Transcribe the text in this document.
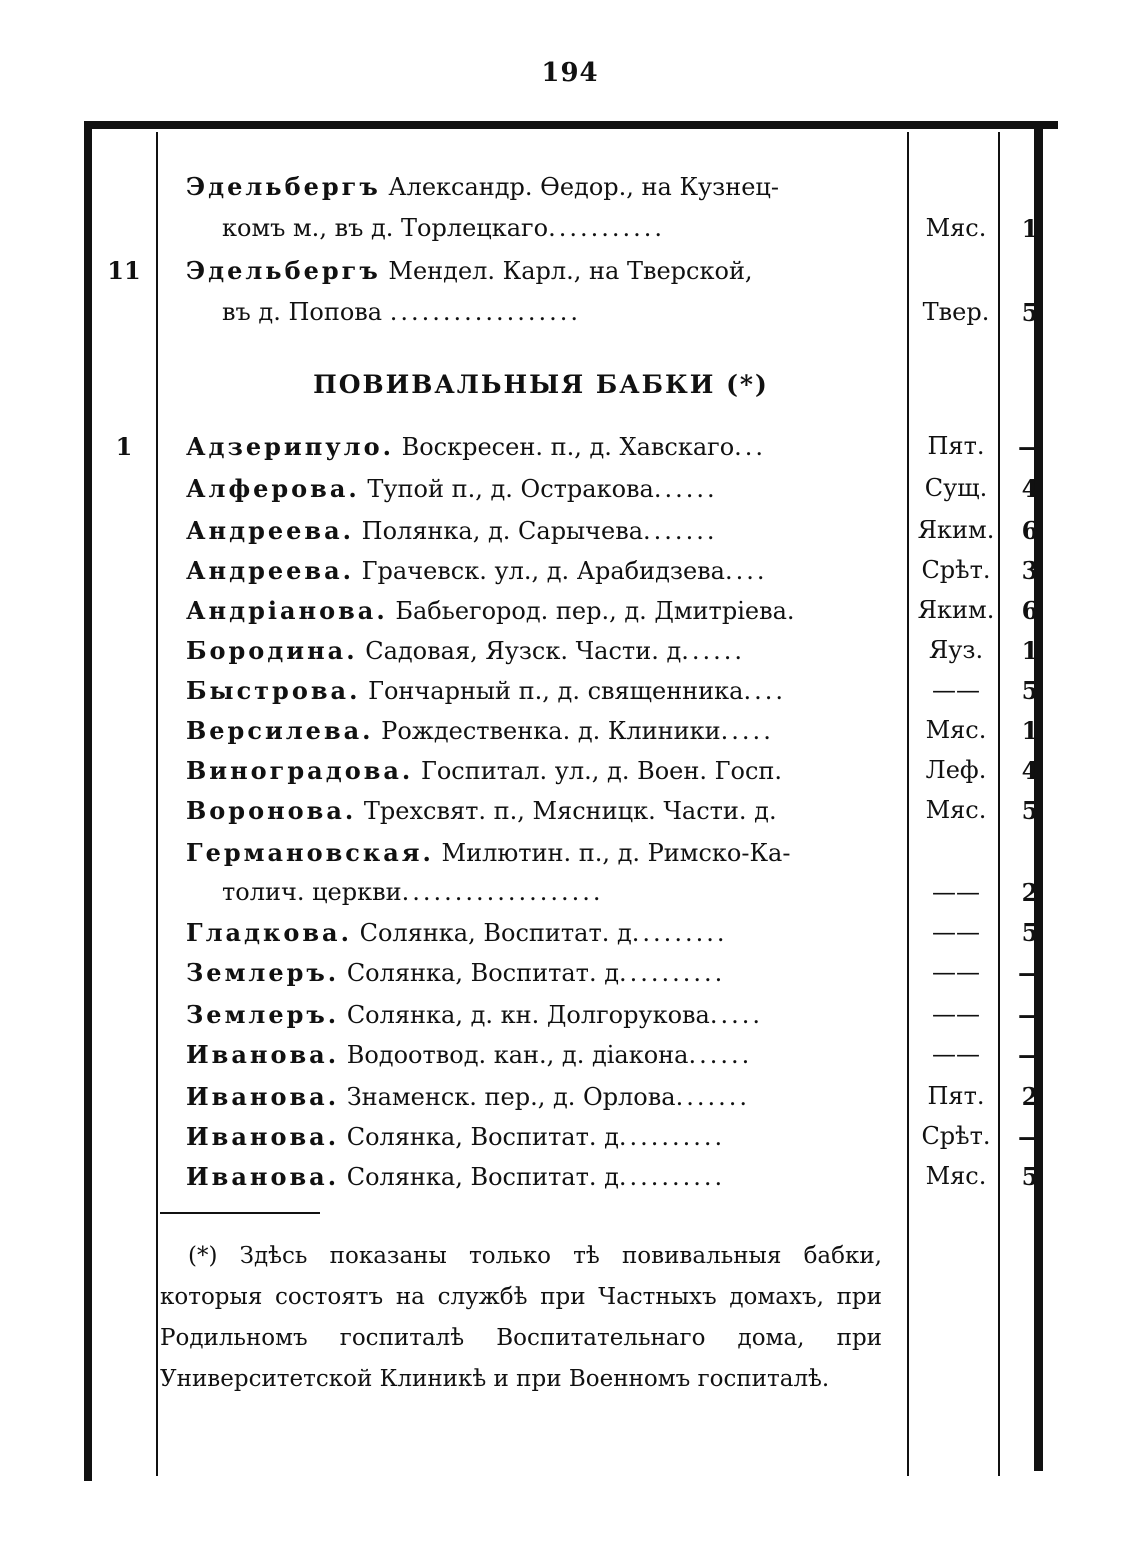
194
Эдельбергъ Александр. Өедор., на Кузнец-
комъ м., въ д. Торлецкаго...........	Мяс.	1
11	Эдельбергъ Мендел. Карл., на Тверской,
въ д. Попова ..................	Твер.	5
ПОВИВАЛЬНЫЯ БАБКИ (*)
1	Адзерипуло. Воскресен. п., д. Хавскаго...	Пят.	—
Алферова. Тупой п., д. Остракова......	Сущ.	4
Андреева. Полянка, д. Сарычева.......	Яким.	6
Андреева. Грачевск. ул., д. Арабидзева....	Срѣт.	3
Андріанова. Бабьегород. пер., д. Дмитріева.	Яким.	6
Бородина. Садовая, Яузск. Части. д......	Яуз.	1
Быстрова. Гончарный п., д. священника....	——	5
Версилева. Рождественка. д. Клиники.....	Мяс.	1
Виноградова. Госпитал. ул., д. Воен. Госп.	Леф.	4
Воронова. Трехсвят. п., Мясницк. Части. д.	Мяс.	5
Германовская. Милютин. п., д. Римско-Ка-
толич. церкви...................	——	2
Гладкова. Солянка, Воспитат. д.........	——	5
Землеръ. Солянка, Воспитат. д..........	——	—
Землеръ. Солянка, д. кн. Долгорукова.....	——	—
Иванова. Водоотвод. кан., д. діакона......	——	—
Иванова. Знаменск. пер., д. Орлова.......	Пят.	2
Иванова. Солянка, Воспитат. д..........	Срѣт.	—
Иванова. Солянка, Воспитат. д..........	Мяс.	5
(*) Здѣсь показаны только тѣ повивальныя бабки, которыя состоятъ на службѣ при Частныхъ домахъ, при Родильномъ госпиталѣ Воспитательнаго дома, при Университетской Клиникѣ и при Военномъ госпиталѣ.
